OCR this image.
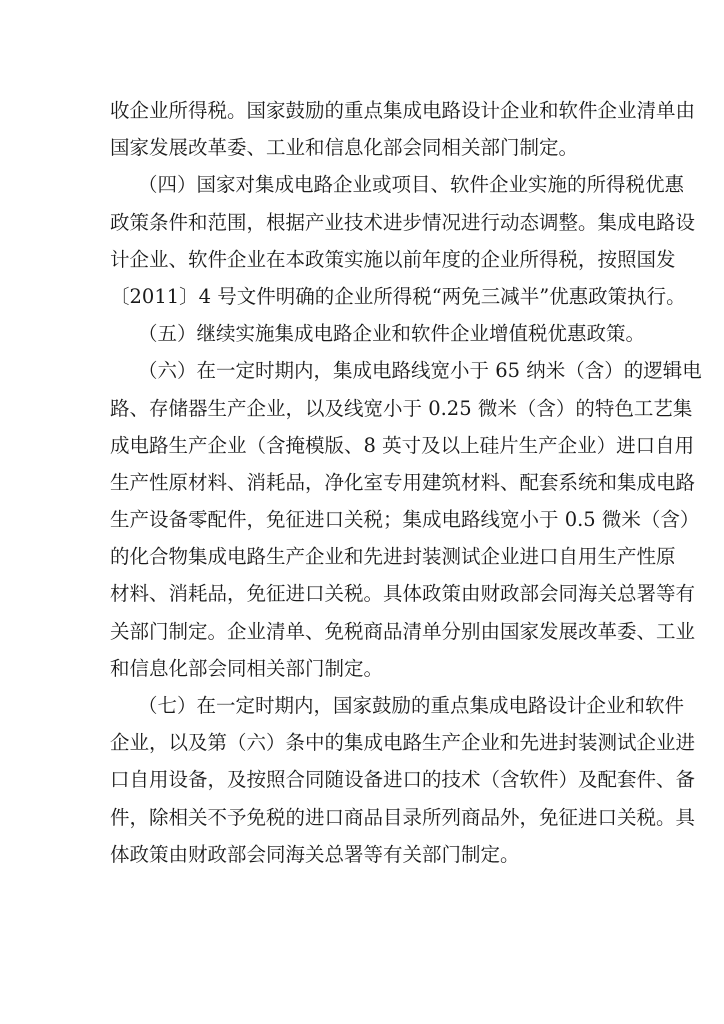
收企业所得税。国家鼓励的重点集成电路设计企业和软件企业清单由
国家发展改革委、工业和信息化部会同相关部门制定。
（四）国家对集成电路企业或项目、软件企业实施的所得税优惠
政策条件和范围，根据产业技术进步情况进行动态调整。集成电路设
计企业、软件企业在本政策实施以前年度的企业所得税，按照国发
〔2011〕4 号文件明确的企业所得税“两免三减半”优惠政策执行。
（五）继续实施集成电路企业和软件企业增值税优惠政策。
（六）在一定时期内，集成电路线宽小于 65 纳米（含）的逻辑电
路、存储器生产企业，以及线宽小于 0.25 微米（含）的特色工艺集
成电路生产企业（含掩模版、8 英寸及以上硅片生产企业）进口自用
生产性原材料、消耗品，净化室专用建筑材料、配套系统和集成电路
生产设备零配件，免征进口关税；集成电路线宽小于 0.5 微米（含）
的化合物集成电路生产企业和先进封装测试企业进口自用生产性原
材料、消耗品，免征进口关税。具体政策由财政部会同海关总署等有
关部门制定。企业清单、免税商品清单分别由国家发展改革委、工业
和信息化部会同相关部门制定。
（七）在一定时期内，国家鼓励的重点集成电路设计企业和软件
企业，以及第（六）条中的集成电路生产企业和先进封装测试企业进
口自用设备，及按照合同随设备进口的技术（含软件）及配套件、备
件，除相关不予免税的进口商品目录所列商品外，免征进口关税。具
体政策由财政部会同海关总署等有关部门制定。
